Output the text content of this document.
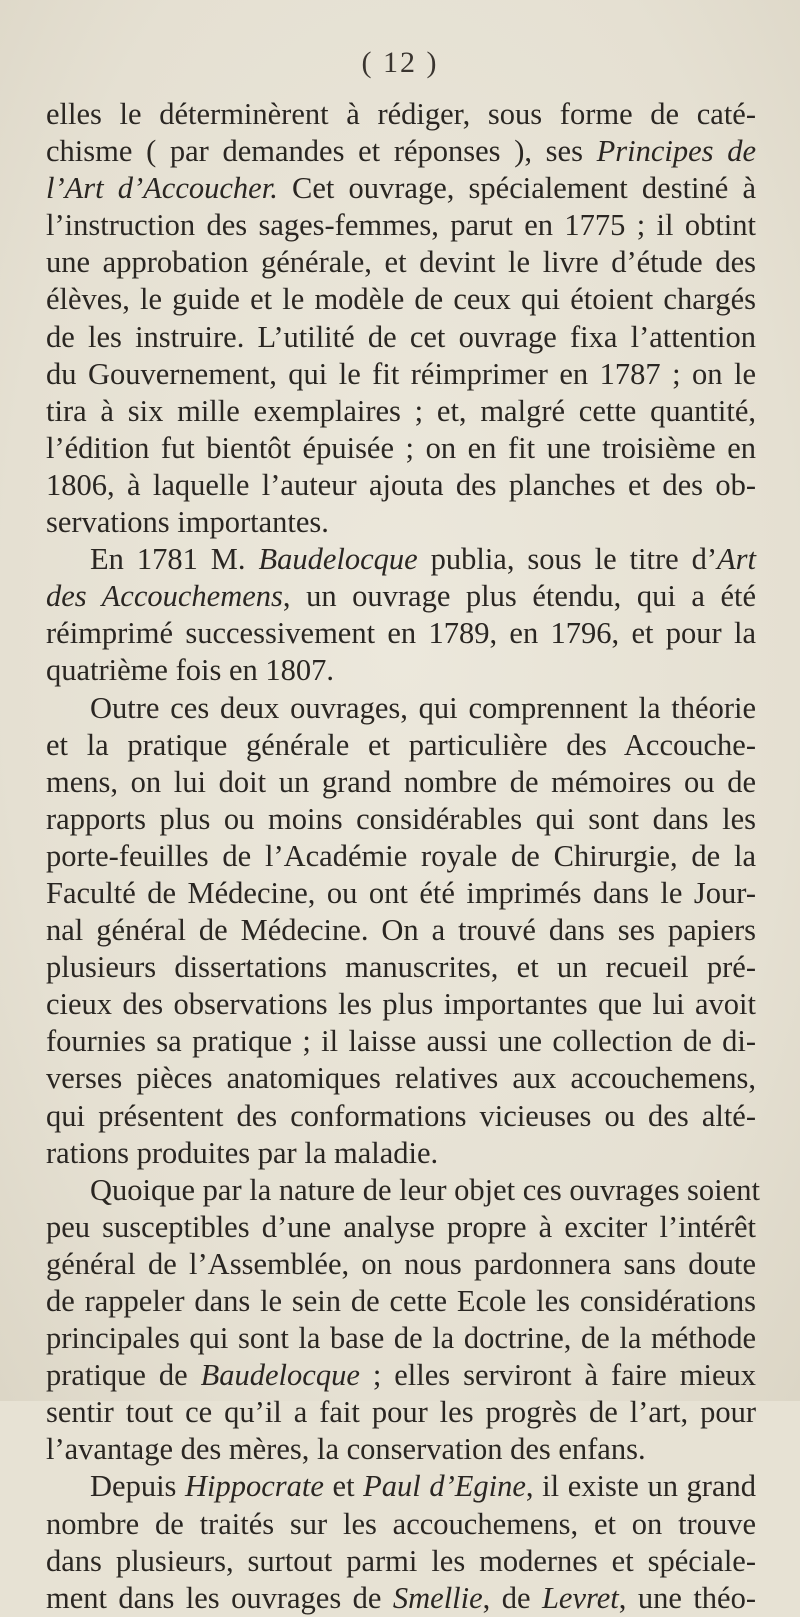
( 12 )
elles le déterminèrent à rédiger, sous forme de caté-
chisme ( par demandes et réponses ), ses Principes de
l’Art d’Accoucher. Cet ouvrage, spécialement destiné à
l’instruction des sages-femmes, parut en 1775 ; il obtint
une approbation générale, et devint le livre d’étude des
élèves, le guide et le modèle de ceux qui étoient chargés
de les instruire. L’utilité de cet ouvrage fixa l’attention
du Gouvernement, qui le fit réimprimer en 1787 ; on le
tira à six mille exemplaires ; et, malgré cette quantité,
l’édition fut bientôt épuisée ; on en fit une troisième en
1806, à laquelle l’auteur ajouta des planches et des ob-
servations importantes.
En 1781 M. Baudelocque publia, sous le titre d’Art
des Accouchemens, un ouvrage plus étendu, qui a été
réimprimé successivement en 1789, en 1796, et pour la
quatrième fois en 1807.
Outre ces deux ouvrages, qui comprennent la théorie
et la pratique générale et particulière des Accouche-
mens, on lui doit un grand nombre de mémoires ou de
rapports plus ou moins considérables qui sont dans les
porte-feuilles de l’Académie royale de Chirurgie, de la
Faculté de Médecine, ou ont été imprimés dans le Jour-
nal général de Médecine. On a trouvé dans ses papiers
plusieurs dissertations manuscrites, et un recueil pré-
cieux des observations les plus importantes que lui avoit
fournies sa pratique ; il laisse aussi une collection de di-
verses pièces anatomiques relatives aux accouchemens,
qui présentent des conformations vicieuses ou des alté-
rations produites par la maladie.
Quoique par la nature de leur objet ces ouvrages soient
peu susceptibles d’une analyse propre à exciter l’intérêt
général de l’Assemblée, on nous pardonnera sans doute
de rappeler dans le sein de cette Ecole les considérations
principales qui sont la base de la doctrine, de la méthode
pratique de Baudelocque ; elles serviront à faire mieux
sentir tout ce qu’il a fait pour les progrès de l’art, pour
l’avantage des mères, la conservation des enfans.
Depuis Hippocrate et Paul d’Egine, il existe un grand
nombre de traités sur les accouchemens, et on trouve
dans plusieurs, surtout parmi les modernes et spéciale-
ment dans les ouvrages de Smellie, de Levret, une théo-
